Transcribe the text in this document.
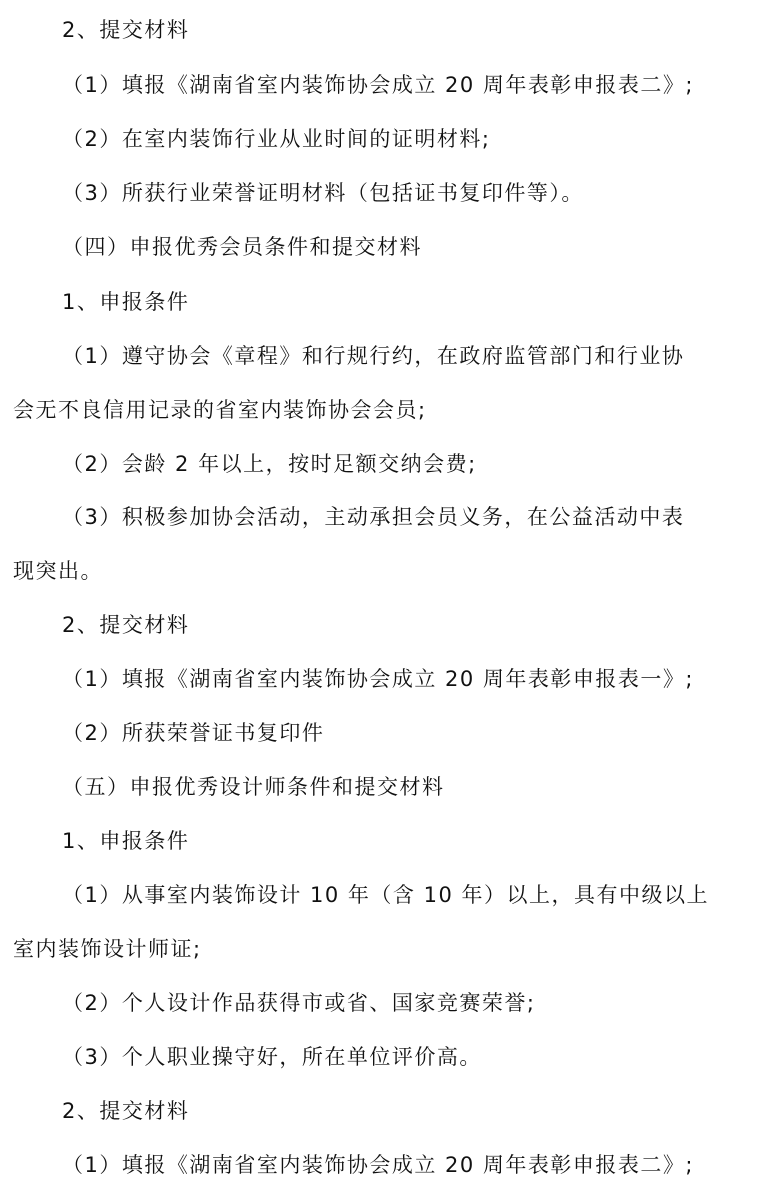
2、提交材料
（1）填报《湖南省室内装饰协会成立 20 周年表彰申报表二》;
（2）在室内装饰行业从业时间的证明材料;
（3）所获行业荣誉证明材料（包括证书复印件等）。
（四）申报优秀会员条件和提交材料
1、申报条件
（1）遵守协会《章程》和行规行约，在政府监管部门和行业协
会无不良信用记录的省室内装饰协会会员;
（2）会龄 2 年以上，按时足额交纳会费;
（3）积极参加协会活动，主动承担会员义务，在公益活动中表
现突出。
2、提交材料
（1）填报《湖南省室内装饰协会成立 20 周年表彰申报表一》;
（2）所获荣誉证书复印件
（五）申报优秀设计师条件和提交材料
1、申报条件
（1）从事室内装饰设计 10 年（含 10 年）以上，具有中级以上
室内装饰设计师证;
（2）个人设计作品获得市或省、国家竞赛荣誉;
（3）个人职业操守好，所在单位评价高。
2、提交材料
（1）填报《湖南省室内装饰协会成立 20 周年表彰申报表二》;
